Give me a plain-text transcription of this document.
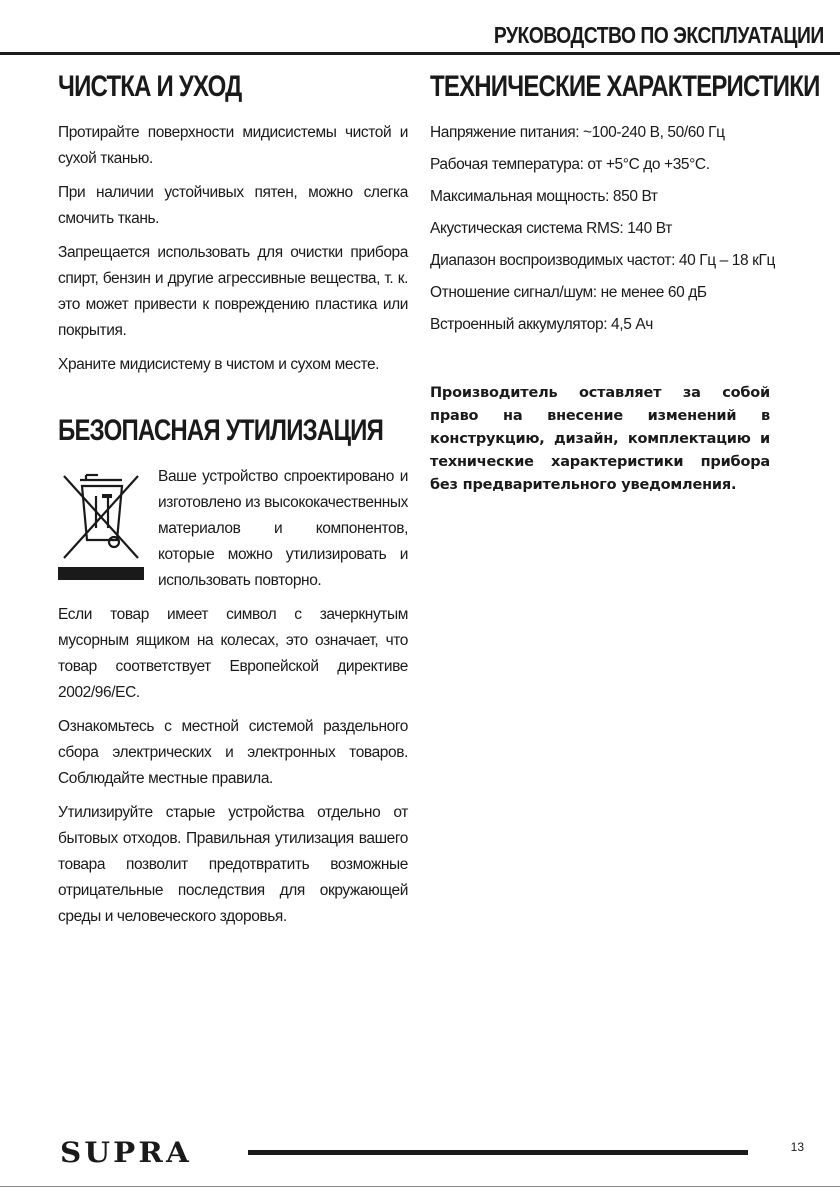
РУКОВОДСТВО ПО ЭКСПЛУАТАЦИИ
ЧИСТКА И УХОД

Протирайте поверхности мидисистемы чистой и сухой тканью.

При наличии устойчивых пятен, можно слегка смочить ткань.

Запрещается использовать для очистки прибора спирт, бензин и другие агрессивные вещества, т. к. это может привести к повреждению пластика или покрытия.

Храните мидисистему в чистом и сухом месте.

БЕЗОПАСНАЯ УТИЛИЗАЦИЯ

Ваше устройство спроектировано и изготовлено из высококачественных материалов и компонентов, которые можно утилизировать и использовать повторно.

Если товар имеет символ с зачеркнутым мусорным ящиком на колесах, это означает, что товар соответствует Европейской директиве 2002/96/EC.

Ознакомьтесь с местной системой раздельного сбора электрических и электронных товаров. Соблюдайте местные правила.

Утилизируйте старые устройства отдельно от бытовых отходов. Правильная утилизация вашего товара позволит предотвратить возможные отрицательные последствия для окружающей среды и человеческого здоровья.

ТЕХНИЧЕСКИЕ ХАРАКТЕРИСТИКИ
Напряжение питания: ~100-240 В, 50/60 Гц
Рабочая температура: от +5°С до +35°С.
Максимальная мощность: 850 Вт
Акустическая система RMS: 140 Вт
Диапазон воспроизводимых частот: 40 Гц – 18 кГц
Отношение сигнал/шум: не менее 60 дБ
Встроенный аккумулятор: 4,5 Ач

Производитель оставляет за собой право на внесение изменений в конструкцию, дизайн, комплектацию и технические характеристики прибора без предварительного уведомления.

SUPRA	13
